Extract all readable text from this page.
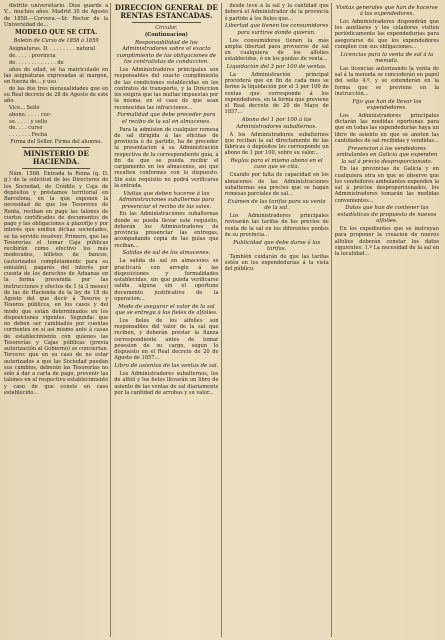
distrito universitario. Dios guarde á V... muchos años. Madrid 30 de Agosto de 1858.—Corvera.—Sr. Rector de la Universidad de...

MODELO QUE SE CITA.
Boletin de Curso de 1858 á 1859

Asignaturas. D. . . . . . . . . natural

de. . . . . provincia

de. . . . . . . . . . . . . de

años de edad, se ha matriculado en las asignaturas expresadas al margen, en fuerza de... y uso

de las dos tres mensualidades que en su Real decreto de 28 de Agosto de este año.

Vice... Sello

abono. . . . . cur-

so. . . . . y sello

de. . . . curso

. . . . . . . Fecha

Firma del Sellor. Firma del alumno.

MINISTERIO DE HACIENDA.

Núm. 1508. Entrada la Reina (q. D. g.) de la solicitud de los Directores de los Sociedad, de Crédito y Caja de depósitos y préstamos territorial en Barcelona, en la que exponen la necesidad de que los Tesoreros de Renta, reciban en pago las talones de ciertos certificados de documentos de pago y las obligaciones á plazofijo y por interés que emiten dichas sociedades, se ha servido resolver. Primero, que las Tesorerías el tomar Caja públicas recibirán como efectivo los más moderados, billetes de bancos, (autorizados completamente para su emisión), pagarés del interés por cuenta de los derechos de Aduanas en la forma prevenida por las instrucciones y efectos de 1 (á 3 meses) de las de Hacienda de la ley de 18 de Agosto del que decir á Tesoros y Tesoros públicos, en los casos y del modo que están determinados en los disposiciones vigentes. Segunda: que no deben ser cambiados por cuentas corrientes en sí así mismo ante á casas de establecimiento con quienes las Tesorerías y Cajas públicas (previa autorización al Gobierno) se conciertan. Tercero: que en su caso de no estar autorizados a que las Sociedad puedan sus cambios, deberán las Tesorerías no solo á dar a carta de pago, prevenir las talones en al respectivo establecimiento y caso de que conste en caso establecido...

DIRECCION GENERAL DE RENTAS ESTANCADAS.
Circular.
(Continuacion)
Responsabilidad de los Administradores sobre el exacto cumplimiento de las obligaciones de los contratistas de conduccion.

Los Administradores principales son responsables del exacto cumplimiento de las condiciones establecidas en los contratos de transporte, y la Direccion les exigirá que las multas impuestas por la misma, en el caso de que sean reconocidas las infracciones...

Formalidad que debe preceder para el recibo de la sal en almacenes.

Para la admision de cualquier remesa de sal dirigida á las oficinas de provincia ó de partido, ha de preceder la presentacion á su Administración respectiva de la correspondiente guía, á fin de que se pueda recibir el cargamento en los almacenes, así que resulten conformes con lo dispuesto. Sin este requisito no podrá verificarse la entrada.

Visitas que deben hacerse á las Administraciones subalternas para presenciar el recibo de las sales.

En las Administraciones subalternas donde se pueda llevar este requisito, deberán los Administradores de provincia presenciar las entregas, acompañando copia de las guías que reciban...

Salidas de sal de los almacenes.

La salida de sal en almacenes se practicará con arreglo á las disposiciones y formalidades establecidas, sin que pueda verificarse salida alguna sin el oportuno documento justificativo de la operacion...

Modo de asegurar el valor de la sal que se entrega á los fieles de alfolíes.

Los fieles de los alfolíes son responsables del valor de la sal que reciben, y deberán prestar la fianza correspondiente antes de tomar posesion de su cargo, segun lo dispuesto en el Real decreto de 20 de Agosto de 1857...

Libro de asientos de las ventas de sal.

Los Administradores subalternos, los de alfolí y los fieles llevarán un libro de asiento de las ventas de sal diariamente por la cantidad de arrobas y su valor...

desde leve á la sal y la cantidad que deberá el Administrador de la provincia ó partido á los fieles que...

Libertad que tienen los consumidores para surtirse donde quieran.

Los consumidores tienen la más amplia libertad para proveerse de sal en cualquiera de los alfolíes establecidos, ó en los puntos de venta...

Liquidación del 3 por 100 de ventas.

La Administración principal procederá que en fin de cada mes se forme la liquidación por el 3 por 100 de ventas que corresponde á los expendedores, en la forma que previene el Real decreto de 20 de Mayo de 1857...

Abono del 1 por 100 á los Administradores subalternos.

A los Administradores subalternos que reciban la sal directamente de las fábricas ó depósitos les corresponde un abono de 1 por 100, sobre su valor...

Reglas para el mismo abono en el caso que se cita.

Cuando por falta de capacidad en los almacenes de las Administraciones subalternas sea preciso que se hagan remesas parciales de sal...

Exámen de las tarifas para su venta de la sal.

Los Administradores principales revisarán las tarifas de los precios de venta de la sal en los diferentes puntos de su provincia...

Publicidad que debe darse á las tarifas.

También cuidarán de que las tarifas estén en los expendedurías á la vista del público.

Visitas generales que han de hacerse á los expendedores.

Los Administradores dispondrán que los auxiliares y los celadores visiten periódicamente las expendedurías para asegurarse de que los expendedores cumplen con sus obligaciones...

Licencias para la venta de sal á la menuda.

Las licencias autorizando la venta de sal á la menuda se concederán en papel del sello 4.º, y se extenderán en la forma que se previene en la instrucción...

Fijo que han de llevar los expendedores.

Los Administradores principales dictarán las medidas oportunas para que en todas las expendedurías haya un libro de asiento en que se anoten las cantidades de sal recibidas y vendidas...

Prevencion á los vendedores ambulantes en Galicia que expenden la sal á precio desproporcionado.

En las provincias de Galicia y en cualquiera otra en que se observe que los vendedores ambulantes expenden la sal á precios desproporcionados, los Administradores tomarán las medidas convenientes...

Datos que han de contener las estadísticas de propuesta de nuevos alfolíes.

En los expedientes que se instruyan para proponer la creacion de nuevos alfolíes deberán constar los datos siguientes: 1.º La necesidad de la sal en la localidad...
